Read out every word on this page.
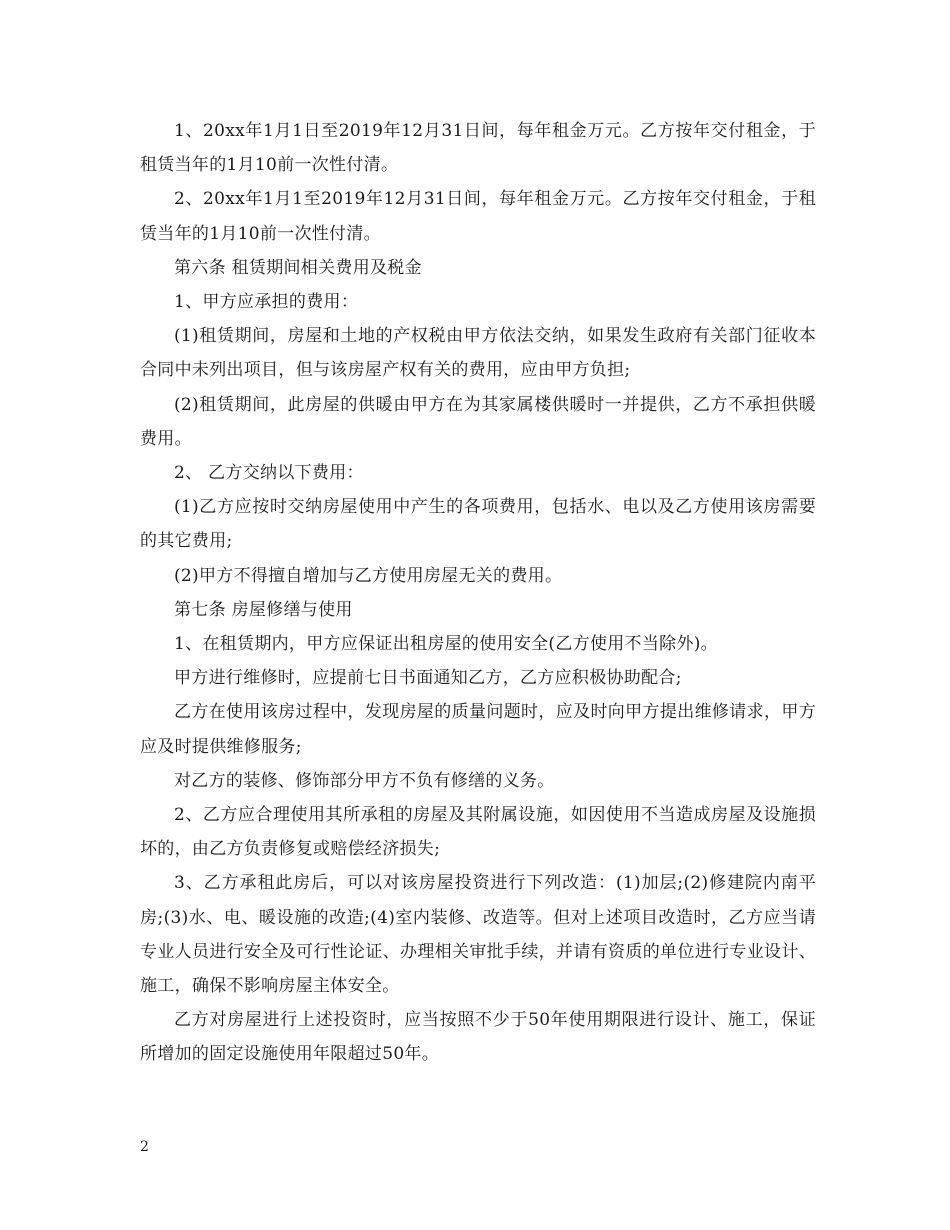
1、20xx年1月1日至2019年12月31日间，每年租金万元。乙方按年交付租金，于租赁当年的1月10前一次性付清。

2、20xx年1月1至2019年12月31日间，每年租金万元。乙方按年交付租金，于租赁当年的1月10前一次性付清。

第六条 租赁期间相关费用及税金

1、甲方应承担的费用：

(1)租赁期间，房屋和土地的产权税由甲方依法交纳，如果发生政府有关部门征收本合同中未列出项目，但与该房屋产权有关的费用，应由甲方负担;

(2)租赁期间，此房屋的供暖由甲方在为其家属楼供暖时一并提供，乙方不承担供暖费用。

2、 乙方交纳以下费用：

(1)乙方应按时交纳房屋使用中产生的各项费用，包括水、电以及乙方使用该房需要的其它费用;

(2)甲方不得擅自增加与乙方使用房屋无关的费用。

第七条 房屋修缮与使用

1、在租赁期内，甲方应保证出租房屋的使用安全(乙方使用不当除外)。

甲方进行维修时，应提前七日书面通知乙方，乙方应积极协助配合;

乙方在使用该房过程中，发现房屋的质量问题时，应及时向甲方提出维修请求，甲方应及时提供维修服务;

对乙方的装修、修饰部分甲方不负有修缮的义务。

2、乙方应合理使用其所承租的房屋及其附属设施，如因使用不当造成房屋及设施损坏的，由乙方负责修复或赔偿经济损失;

3、乙方承租此房后，可以对该房屋投资进行下列改造：(1)加层;(2)修建院内南平房;(3)水、电、暖设施的改造;(4)室内装修、改造等。但对上述项目改造时，乙方应当请专业人员进行安全及可行性论证、办理相关审批手续，并请有资质的单位进行专业设计、施工，确保不影响房屋主体安全。

乙方对房屋进行上述投资时，应当按照不少于50年使用期限进行设计、施工，保证所增加的固定设施使用年限超过50年。

2
